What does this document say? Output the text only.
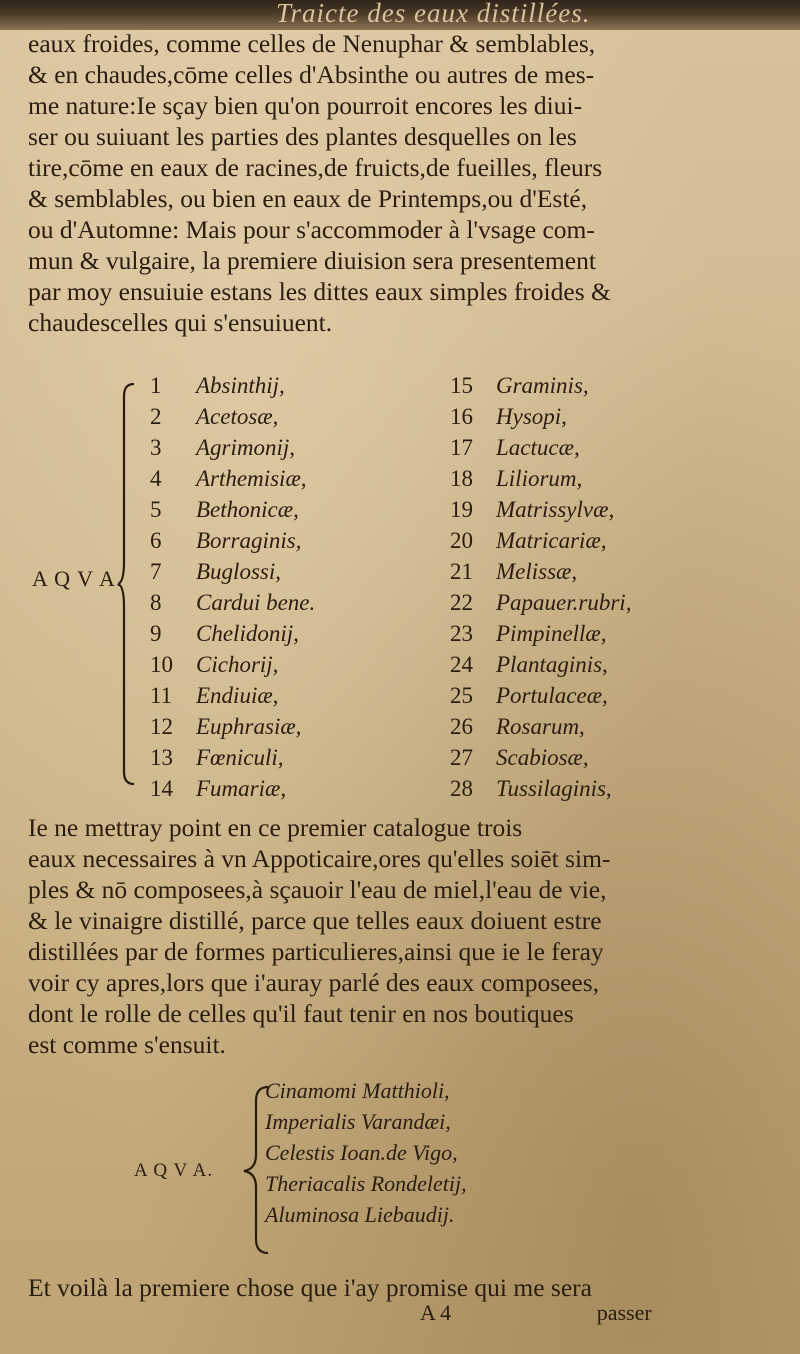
Traicte des eaux distillées.

eaux froides, comme celles de Nenuphar & semblables,
& en chaudes,cōme celles d'Absinthe ou autres de mes-
me nature:Ie sçay bien qu'on pourroit encores les diui-
ser ou suiuant les parties des plantes desquelles on les
tire,cōme en eaux de racines,de fruicts,de fueilles, fleurs
& semblables, ou bien en eaux de Printemps,ou d'Esté,
ou d'Automne: Mais pour s'accommoder à l'vsage com-
mun & vulgaire, la premiere diuision sera presentement
par moy ensuiuie estans les dittes eaux simples froides &
chaudescelles qui s'ensuiuent.

A Q V A.
1 Absinthij,
2 Acetosæ,
3 Agrimonij,
4 Arthemisiæ,
5 Bethonicæ,
6 Borraginis,
7 Buglossi,
8 Cardui bene.
9 Chelidonij,
10 Cichorij,
11 Endiuiæ,
12 Euphrasiæ,
13 Fœniculi,
14 Fumariæ,
15 Graminis,
16 Hysopi,
17 Lactucæ,
18 Liliorum,
19 Matrissylvæ,
20 Matricariæ,
21 Melissæ,
22 Papauer.rubri,
23 Pimpinellæ,
24 Plantaginis,
25 Portulaceæ,
26 Rosarum,
27 Scabiosæ,
28 Tussilaginis,

Ie ne mettray point en ce premier catalogue trois
eaux necessaires à vn Appoticaire,ores qu'elles soiēt sim-
ples & nō composees,à sçauoir l'eau de miel,l'eau de vie,
& le vinaigre distillé, parce que telles eaux doiuent estre
distillées par de formes particulieres,ainsi que ie le feray
voir cy apres,lors que i'auray parlé des eaux composees,
dont le rolle de celles qu'il faut tenir en nos boutiques
est comme s'ensuit.

A Q V A.
Cinamomi Matthioli,
Imperialis Varandæi,
Celestis Ioan.de Vigo,
Theriacalis Rondeletij,
Aluminosa Liebaudij.

Et voilà la premiere chose que i'ay promise qui me sera

A 4	passer
